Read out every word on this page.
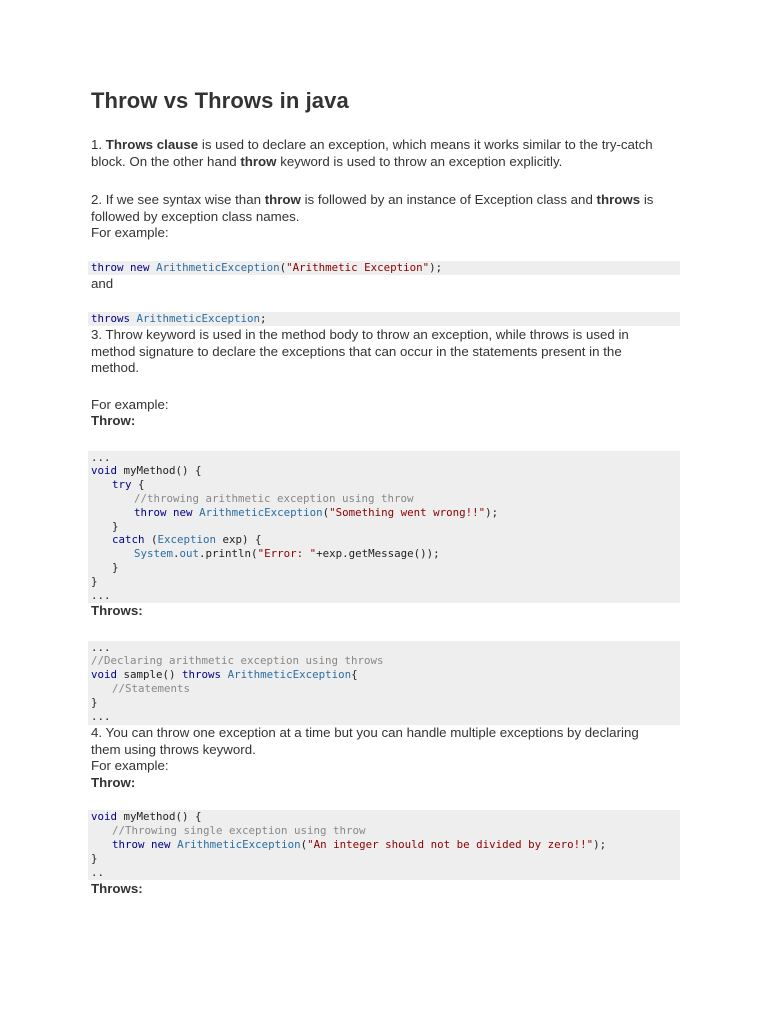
Throw vs Throws in java
1. Throws clause is used to declare an exception, which means it works similar to the try-catch
block. On the other hand throw keyword is used to throw an exception explicitly.
2. If we see syntax wise than throw is followed by an instance of Exception class and throws is
followed by exception class names.
For example:
throw new ArithmeticException("Arithmetic Exception");
and
throws ArithmeticException;
3. Throw keyword is used in the method body to throw an exception, while throws is used in
method signature to declare the exceptions that can occur in the statements present in the
method.
For example:
Throw:
...
void myMethod() {
try {
//throwing arithmetic exception using throw
throw new ArithmeticException("Something went wrong!!");
}
catch (Exception exp) {
System.out.println("Error: "+exp.getMessage());
}
}
...
Throws:
...
//Declaring arithmetic exception using throws
void sample() throws ArithmeticException{
//Statements
}
...
4. You can throw one exception at a time but you can handle multiple exceptions by declaring
them using throws keyword.
For example:
Throw:
void myMethod() {
//Throwing single exception using throw
throw new ArithmeticException("An integer should not be divided by zero!!");
}
..
Throws:
